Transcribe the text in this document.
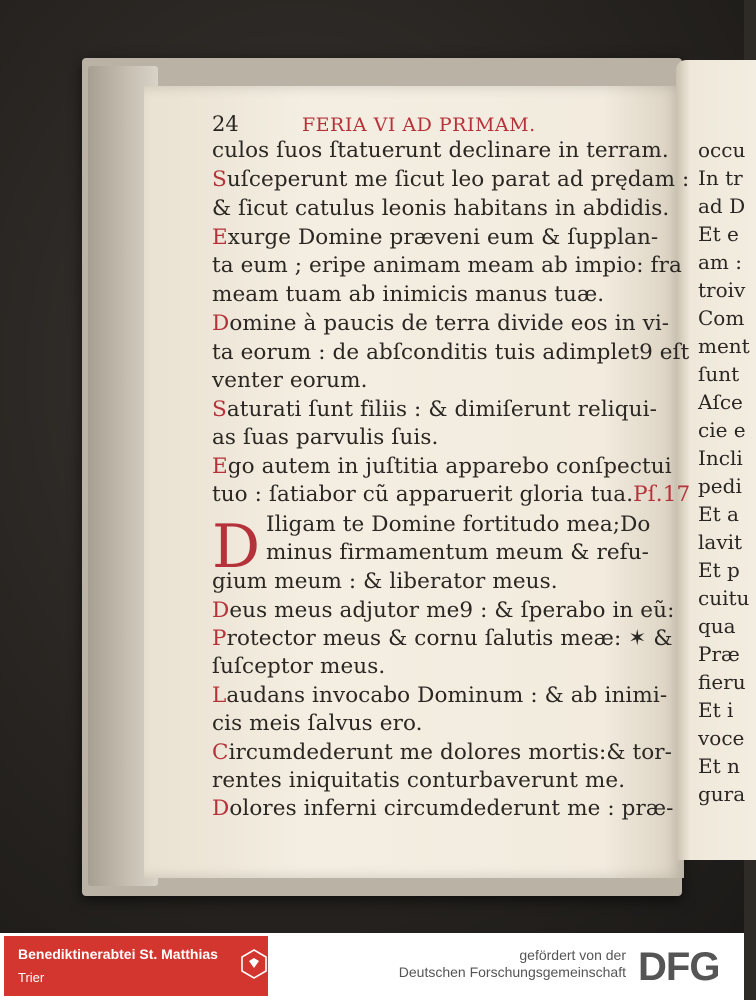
24	FERIA VI AD PRIMAM.
culos ſuos ſtatuerunt declinare in terram.
Suſceperunt me ſicut leo parat ad prędam :
& ſicut catulus leonis habitans in abdidis.
Exurge Domine præveni eum & ſupplan-
ta eum ; eripe animam meam ab impio: fra
meam tuam ab inimicis manus tuæ.
Domine à paucis de terra divide eos in vi-
ta eorum : de abſconditis tuis adimplet9 eſt
venter eorum.
Saturati ſunt filiis : & dimiſerunt reliqui-
as ſuas parvulis ſuis.
Ego autem in juſtitia apparebo conſpectui
tuo : ſatiabor cũ apparuerit gloria tua.Pſ.17
D Iligam te Domine fortitudo mea;Do
minus firmamentum meum & refu-
gium meum : & liberator meus.
Deus meus adjutor me9 : & ſperabo in eũ:
Protector meus & cornu ſalutis meæ: ✶ &
ſuſceptor meus.
Laudans invocabo Dominum : & ab inimi-
cis meis ſalvus ero.
Circumdederunt me dolores mortis:& tor-
rentes iniquitatis conturbaverunt me.
Dolores inferni circumdederunt me : præ-
occu
In tr
ad D
Et e
am :
troiv
Com
ment
ſunt
Aſce
cie e
Incli
pedi
Et a
lavit
Et p
cuitu
qua
Præ
fieru
Et i
voce
Et n
gura
Benediktinerabtei St. Matthias
Trier
gefördert von der
Deutschen Forschungsgemeinschaft DFG
